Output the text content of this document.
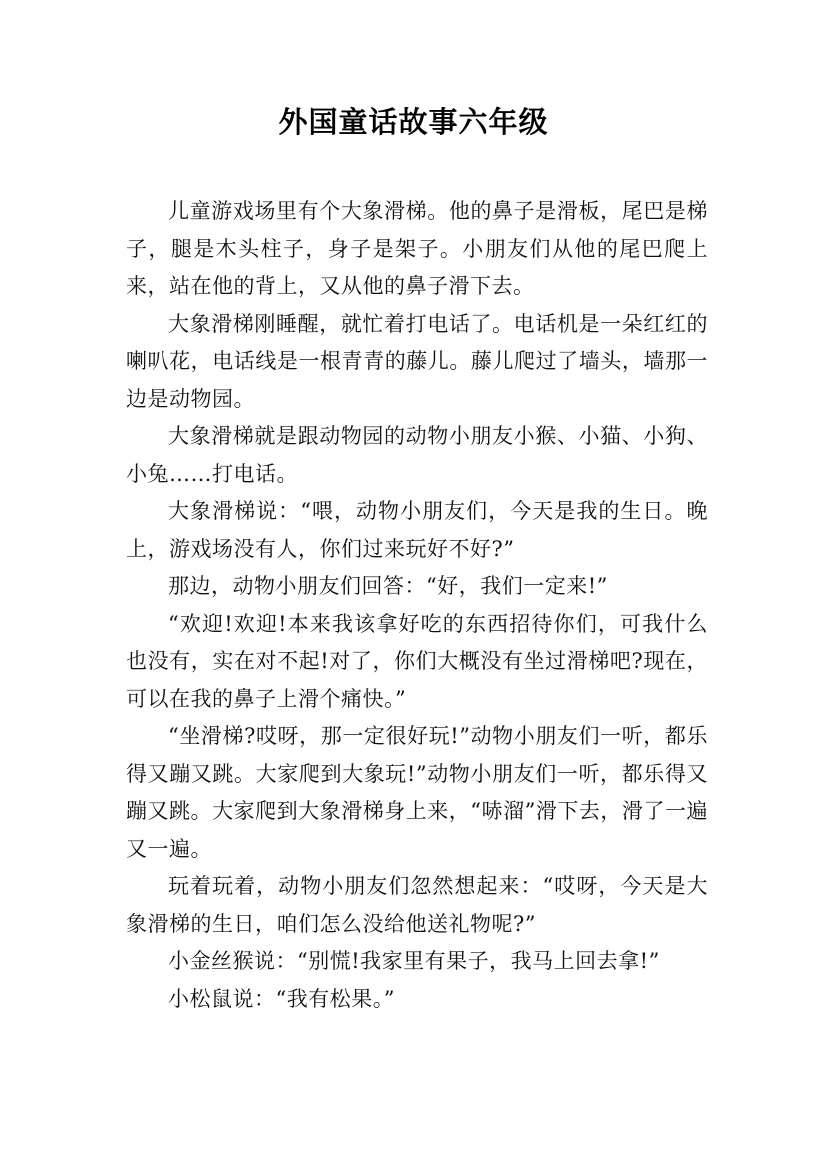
外国童话故事六年级

儿童游戏场里有个大象滑梯。他的鼻子是滑板，尾巴是梯子，腿是木头柱子，身子是架子。小朋友们从他的尾巴爬上来，站在他的背上，又从他的鼻子滑下去。

大象滑梯刚睡醒，就忙着打电话了。电话机是一朵红红的喇叭花，电话线是一根青青的藤儿。藤儿爬过了墙头，墙那一边是动物园。

大象滑梯就是跟动物园的动物小朋友小猴、小猫、小狗、小兔……打电话。

大象滑梯说：“喂，动物小朋友们，今天是我的生日。晚上，游戏场没有人，你们过来玩好不好?”

那边，动物小朋友们回答：“好，我们一定来!”

“欢迎!欢迎!本来我该拿好吃的东西招待你们，可我什么也没有，实在对不起!对了，你们大概没有坐过滑梯吧?现在，可以在我的鼻子上滑个痛快。”

“坐滑梯?哎呀，那一定很好玩!”动物小朋友们一听，都乐得又蹦又跳。大家爬到大象玩!”动物小朋友们一听，都乐得又蹦又跳。大家爬到大象滑梯身上来，“哧溜”滑下去，滑了一遍又一遍。

玩着玩着，动物小朋友们忽然想起来：“哎呀，今天是大象滑梯的生日，咱们怎么没给他送礼物呢?”

小金丝猴说：“别慌!我家里有果子，我马上回去拿!”

小松鼠说：“我有松果。”
